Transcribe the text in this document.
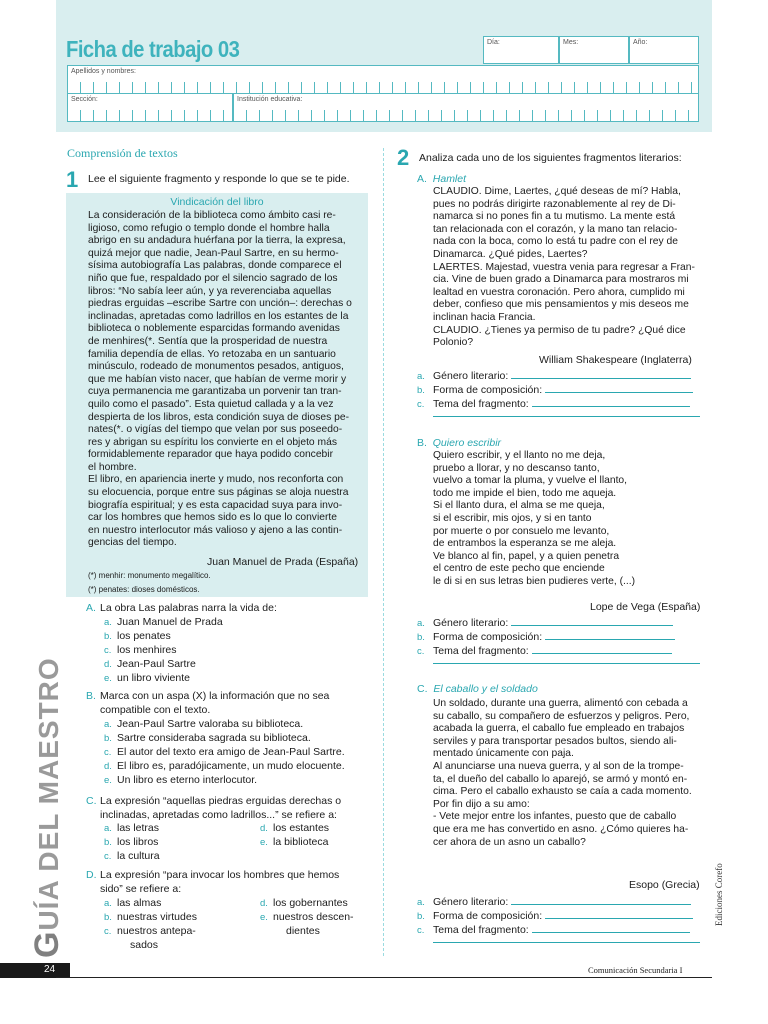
Ficha de trabajo 03	Día:	Mes:	Año:
Apellidos y nombres:
Sección:	Institución educativa:
Comprensión de textos
1 Lee el siguiente fragmento y responde lo que se te pide.
Vindicación del libro
La consideración de la biblioteca como ámbito casi re-
ligioso, como refugio o templo donde el hombre halla
abrigo en su andadura huérfana por la tierra, la expresa,
quizá mejor que nadie, Jean-Paul Sartre, en su hermo-
sísima autobiografía Las palabras, donde comparece el
niño que fue, respaldado por el silencio sagrado de los
libros: “No sabía leer aún, y ya reverenciaba aquellas
piedras erguidas –escribe Sartre con unción–: derechas o
inclinadas, apretadas como ladrillos en los estantes de la
biblioteca o noblemente esparcidas formando avenidas
de menhires(*. Sentía que la prosperidad de nuestra
familia dependía de ellas. Yo retozaba en un santuario
minúsculo, rodeado de monumentos pesados, antiguos,
que me habían visto nacer, que habían de verme morir y
cuya permanencia me garantizaba un porvenir tan tran-
quilo como el pasado”. Esta quietud callada y a la vez
despierta de los libros, esta condición suya de dioses pe-
nates(*. o vigías del tiempo que velan por sus poseedo-
res y abrigan su espíritu los convierte en el objeto más
formidablemente reparador que haya podido concebir
el hombre.
El libro, en apariencia inerte y mudo, nos reconforta con
su elocuencia, porque entre sus páginas se aloja nuestra
biografía espiritual; y es esta capacidad suya para invo-
car los hombres que hemos sido es lo que lo convierte
en nuestro interlocutor más valioso y ajeno a las contin-
gencias del tiempo.
Juan Manuel de Prada (España)
(*) menhir: monumento megalítico.
(*) penates: dioses domésticos.
A. La obra Las palabras narra la vida de:
a. Juan Manuel de Prada
b. los penates
c. los menhires
d. Jean-Paul Sartre
e. un libro viviente
B. Marca con un aspa (X) la información que no sea
compatible con el texto.
a. Jean-Paul Sartre valoraba su biblioteca.
b. Sartre consideraba sagrada su biblioteca.
c. El autor del texto era amigo de Jean-Paul Sartre.
d. El libro es, paradójicamente, un mudo elocuente.
e. Un libro es eterno interlocutor.
C. La expresión “aquellas piedras erguidas derechas o
inclinadas, apretadas como ladrillos...” se refiere a:
a. las letras
b. los libros
c. la cultura
d. los estantes
e. la biblioteca
D. La expresión “para invocar los hombres que hemos
sido” se refiere a:
a. las almas
b. nuestras virtudes
c. nuestros antepa-
sados
d. los gobernantes
e. nuestros descen-
dientes
2 Analiza cada uno de los siguientes fragmentos literarios:
A. Hamlet
CLAUDIO. Dime, Laertes, ¿qué deseas de mí? Habla,
pues no podrás dirigirte razonablemente al rey de Di-
namarca si no pones fin a tu mutismo. La mente está
tan relacionada con el corazón, y la mano tan relacio-
nada con la boca, como lo está tu padre con el rey de
Dinamarca. ¿Qué pides, Laertes?
LAERTES. Majestad, vuestra venia para regresar a Fran-
cia. Vine de buen grado a Dinamarca para mostraros mi
lealtad en vuestra coronación. Pero ahora, cumplido mi
deber, confieso que mis pensamientos y mis deseos me
inclinan hacia Francia.
CLAUDIO. ¿Tienes ya permiso de tu padre? ¿Qué dice
Polonio?
William Shakespeare (Inglaterra)
a. Género literario:
b. Forma de composición:
c. Tema del fragmento:
B. Quiero escribir
Quiero escribir, y el llanto no me deja,
pruebo a llorar, y no descanso tanto,
vuelvo a tomar la pluma, y vuelve el llanto,
todo me impide el bien, todo me aqueja.
Si el llanto dura, el alma se me queja,
si el escribir, mis ojos, y si en tanto
por muerte o por consuelo me levanto,
de entrambos la esperanza se me aleja.
Ve blanco al fin, papel, y a quien penetra
el centro de este pecho que enciende
le di si en sus letras bien pudieres verte, (...)
Lope de Vega (España)
a. Género literario:
b. Forma de composición:
c. Tema del fragmento:
C. El caballo y el soldado
Un soldado, durante una guerra, alimentó con cebada a
su caballo, su compañero de esfuerzos y peligros. Pero,
acabada la guerra, el caballo fue empleado en trabajos
serviles y para transportar pesados bultos, siendo ali-
mentado únicamente con paja.
Al anunciarse una nueva guerra, y al son de la trompe-
ta, el dueño del caballo lo aparejó, se armó y montó en-
cima. Pero el caballo exhausto se caía a cada momento.
Por fin dijo a su amo:
- Vete mejor entre los infantes, puesto que de caballo
que era me has convertido en asno. ¿Cómo quieres ha-
cer ahora de un asno un caballo?
Esopo (Grecia)
a. Género literario:
b. Forma de composición:
c. Tema del fragmento:
GUÍA DEL MAESTRO	Ediciones Corefo
24	Comunicación Secundaria I
